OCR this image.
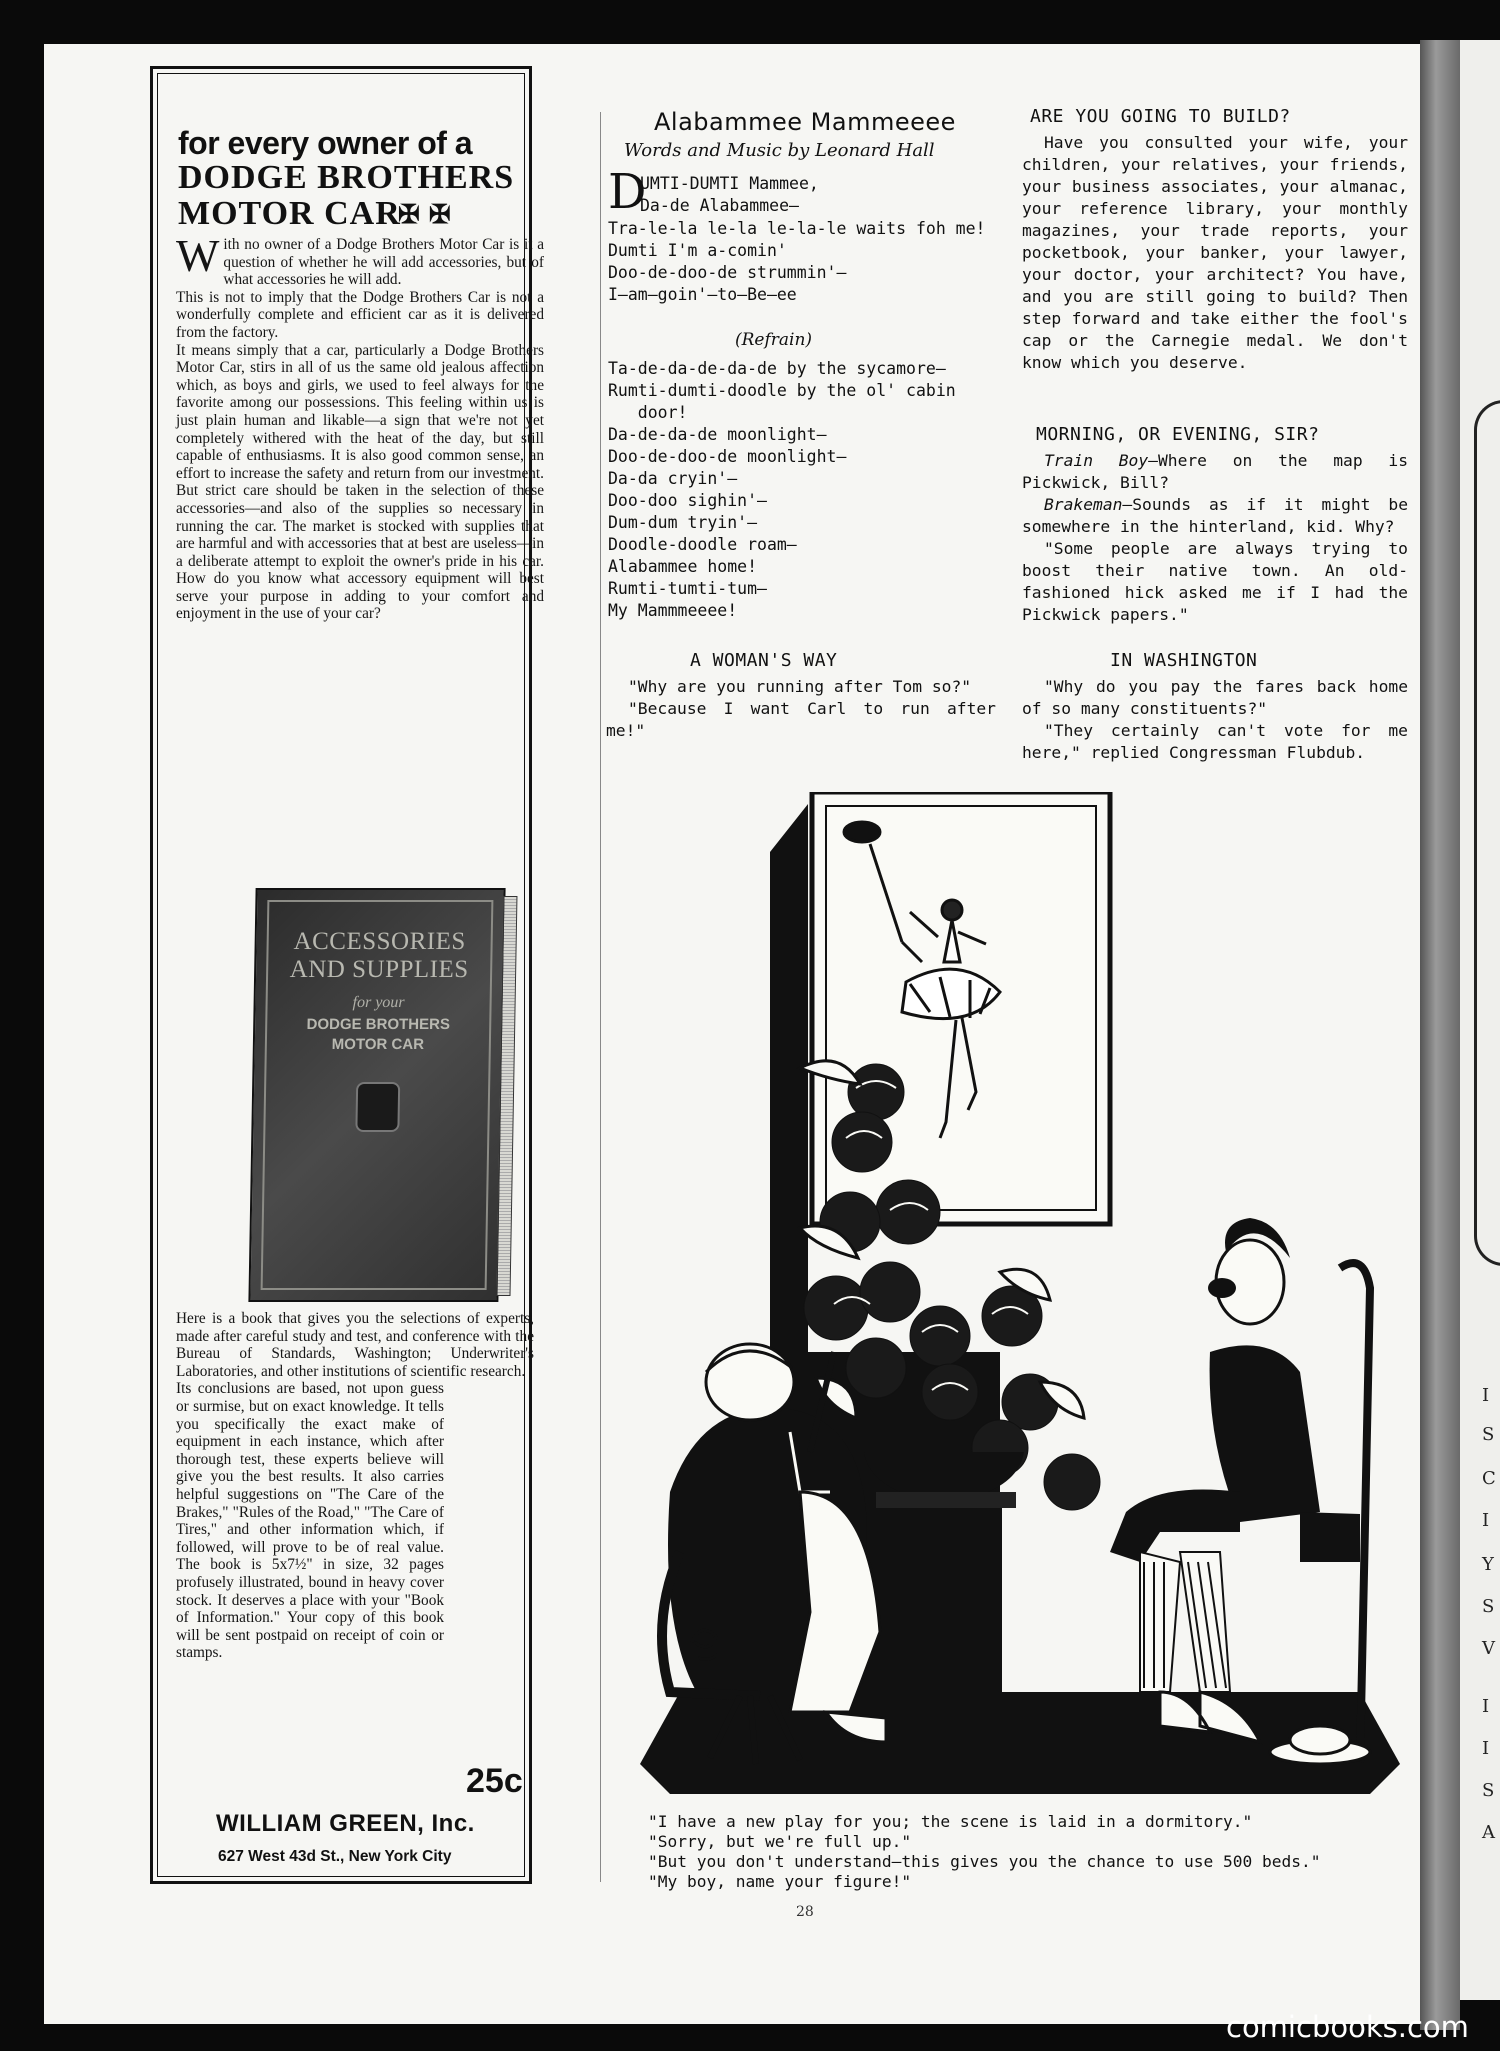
I
S
C
I
Y
S
V
I
I
S
A
for every owner of a
DODGE BROTHERS
MOTOR CAR
✠ ✠

With no owner of a Dodge Brothers Motor Car is it a question of whether he will add accessories, but of what accessories he will add.

This is not to imply that the Dodge Brothers Car is not a wonderfully complete and efficient car as it is delivered from the factory.

It means simply that a car, particularly a Dodge Brothers Motor Car, stirs in all of us the same old jealous affection which, as boys and girls, we used to feel always for the favorite among our possessions. This feeling within us is just plain human and likable—a sign that we're not yet completely withered with the heat of the day, but still capable of enthusiasms. It is also good common sense, an effort to increase the safety and return from our investment. But strict care should be taken in the selection of these accessories—and also of the supplies so necessary in running the car. The market is stocked with supplies that are harmful and with accessories that at best are useless—in a deliberate attempt to exploit the owner's pride in his car. How do you know what accessory equipment will best serve your purpose in adding to your comfort and enjoyment in the use of your car?

ACCESSORIES
AND SUPPLIES
for your
DODGE BROTHERS
MOTOR CAR

Here is a book that gives you the selections of experts, made after careful study and test, and conference with the Bureau of Standards, Washington; Underwriter's Laboratories, and other institutions of scientific research.

Its conclusions are based, not upon guess or surmise, but on exact knowledge. It tells you specifically the exact make of equipment in each instance, which after thorough test, these experts believe will give you the best results. It also carries helpful suggestions on "The Care of the Brakes," "Rules of the Road," "The Care of Tires," and other information which, if followed, will prove to be of real value. The book is 5x7½" in size, 32 pages profusely illustrated, bound in heavy cover stock. It deserves a place with your "Book of Information." Your copy of this book will be sent postpaid on receipt of coin or stamps.

25c
WILLIAM GREEN, Inc.
627 West 43d St., New York City
Alabammee Mammeeee
Words and Music by Leonard Hall
D
UMTI-DUMTI Mammee,
Da-de Alabammee—
Tra-le-la le-la le-la-le waits foh me!
Dumti I'm a-comin'
Doo-de-doo-de strummin'—
I—am—goin'—to—Be—ee
(Refrain)
Ta-de-da-de-da-de by the sycamore—
Rumti-dumti-doodle by the ol' cabin
door!
Da-de-da-de moonlight—
Doo-de-doo-de moonlight—
Da-da cryin'—
Doo-doo sighin'—
Dum-dum tryin'—
Doodle-doodle roam—
Alabammee home!
Rumti-tumti-tum—
My Mammmeeee!
A WOMAN'S WAY

"Why are you running after Tom so?"

"Because I want Carl to run after me!"

ARE YOU GOING TO BUILD?

Have you consulted your wife, your children, your relatives, your friends, your business associates, your almanac, your reference library, your monthly magazines, your trade reports, your pocketbook, your banker, your lawyer, your doctor, your architect? You have, and you are still going to build? Then step forward and take either the fool's cap or the Carnegie medal. We don't know which you deserve.

MORNING, OR EVENING, SIR?

Train Boy—Where on the map is Pickwick, Bill?

Brakeman—Sounds as if it might be somewhere in the hinterland, kid. Why?

"Some people are always trying to boost their native town. An old-fashioned hick asked me if I had the Pickwick papers."

IN WASHINGTON

"Why do you pay the fares back home of so many constituents?"

"They certainly can't vote for me here," replied Congressman Flubdub.

"I have a new play for you; the scene is laid in a dormitory."
"Sorry, but we're full up."
"But you don't understand—this gives you the chance to use 500 beds."
"My boy, name your figure!"
28
comicbooks.com
